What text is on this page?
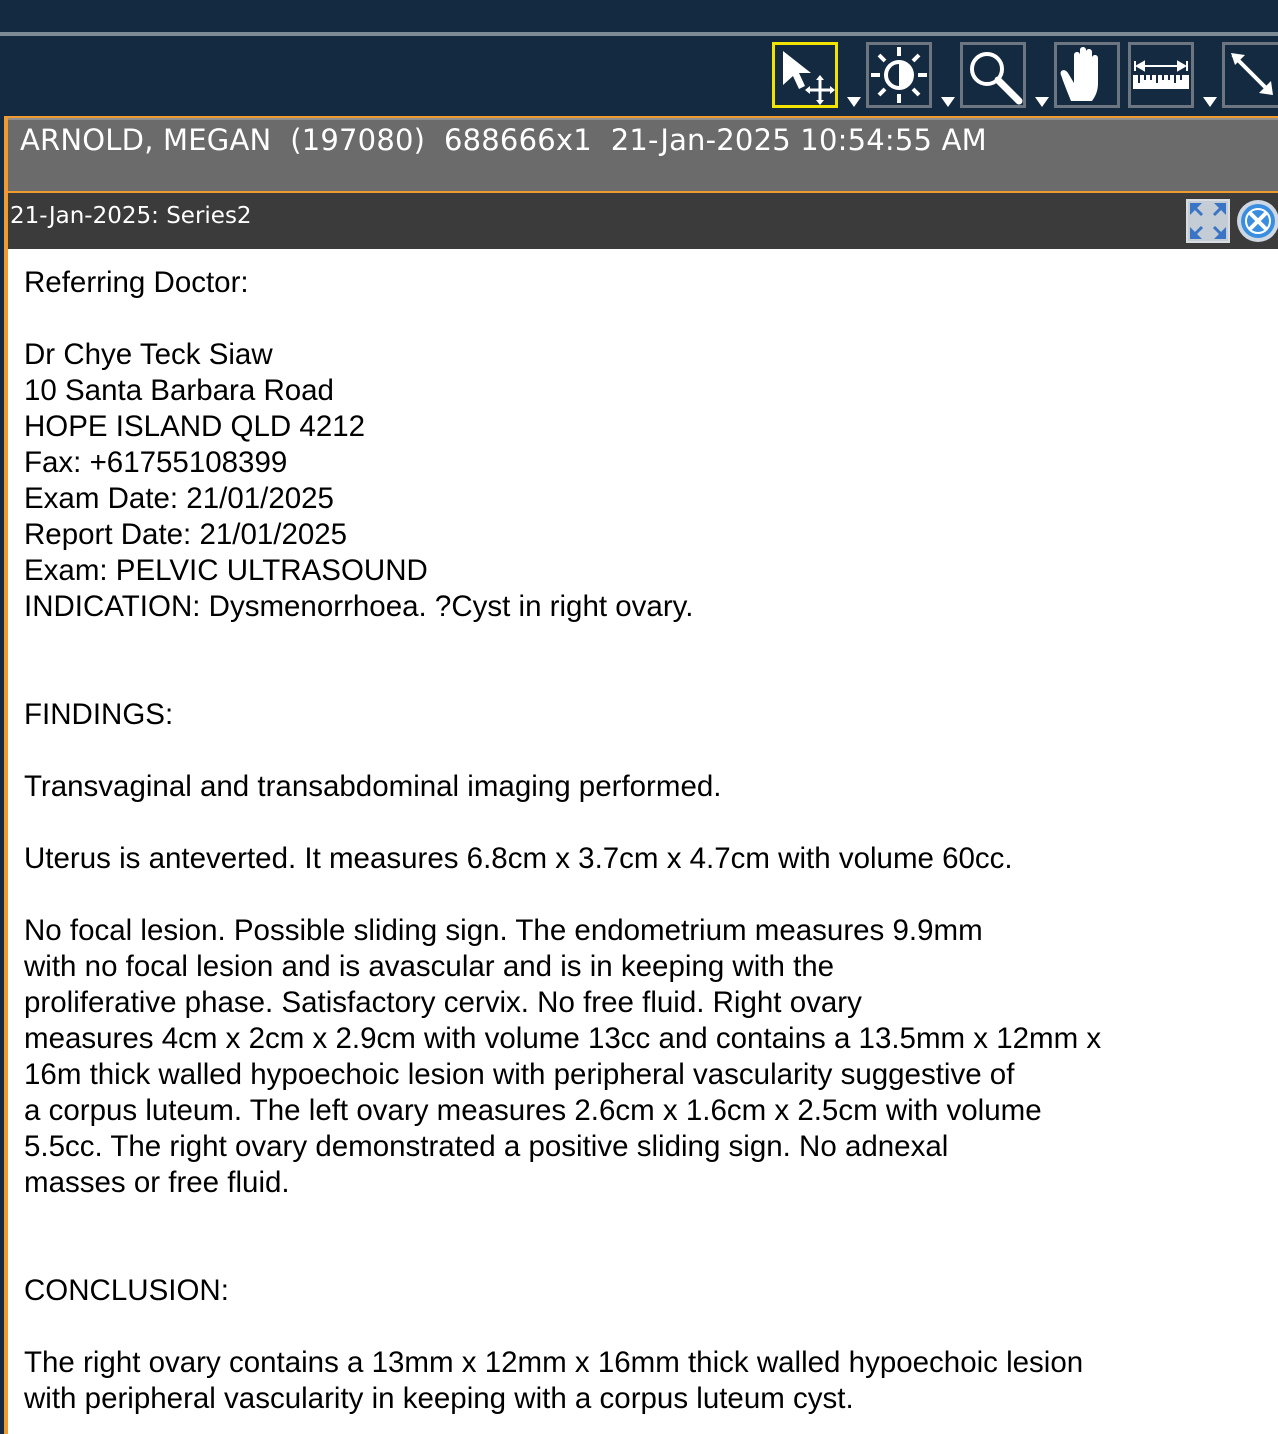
ARNOLD, MEGAN  (197080)  688666x1  21-Jan-2025 10:54:55 AM
21-Jan-2025: Series2
Referring Doctor:
Dr Chye Teck Siaw
10 Santa Barbara Road
HOPE ISLAND QLD 4212
Fax: +61755108399
Exam Date: 21/01/2025
Report Date: 21/01/2025
Exam: PELVIC ULTRASOUND
INDICATION: Dysmenorrhoea. ?Cyst in right ovary.
FINDINGS:
Transvaginal and transabdominal imaging performed.
Uterus is anteverted. It measures 6.8cm x 3.7cm x 4.7cm with volume 60cc.
No focal lesion. Possible sliding sign. The endometrium measures 9.9mm
with no focal lesion and is avascular and is in keeping with the
proliferative phase. Satisfactory cervix. No free fluid. Right ovary
measures 4cm x 2cm x 2.9cm with volume 13cc and contains a 13.5mm x 12mm x
16m thick walled hypoechoic lesion with peripheral vascularity suggestive of
a corpus luteum. The left ovary measures 2.6cm x 1.6cm x 2.5cm with volume
5.5cc. The right ovary demonstrated a positive sliding sign. No adnexal
masses or free fluid.
CONCLUSION:
The right ovary contains a 13mm x 12mm x 16mm thick walled hypoechoic lesion
with peripheral vascularity in keeping with a corpus luteum cyst.
